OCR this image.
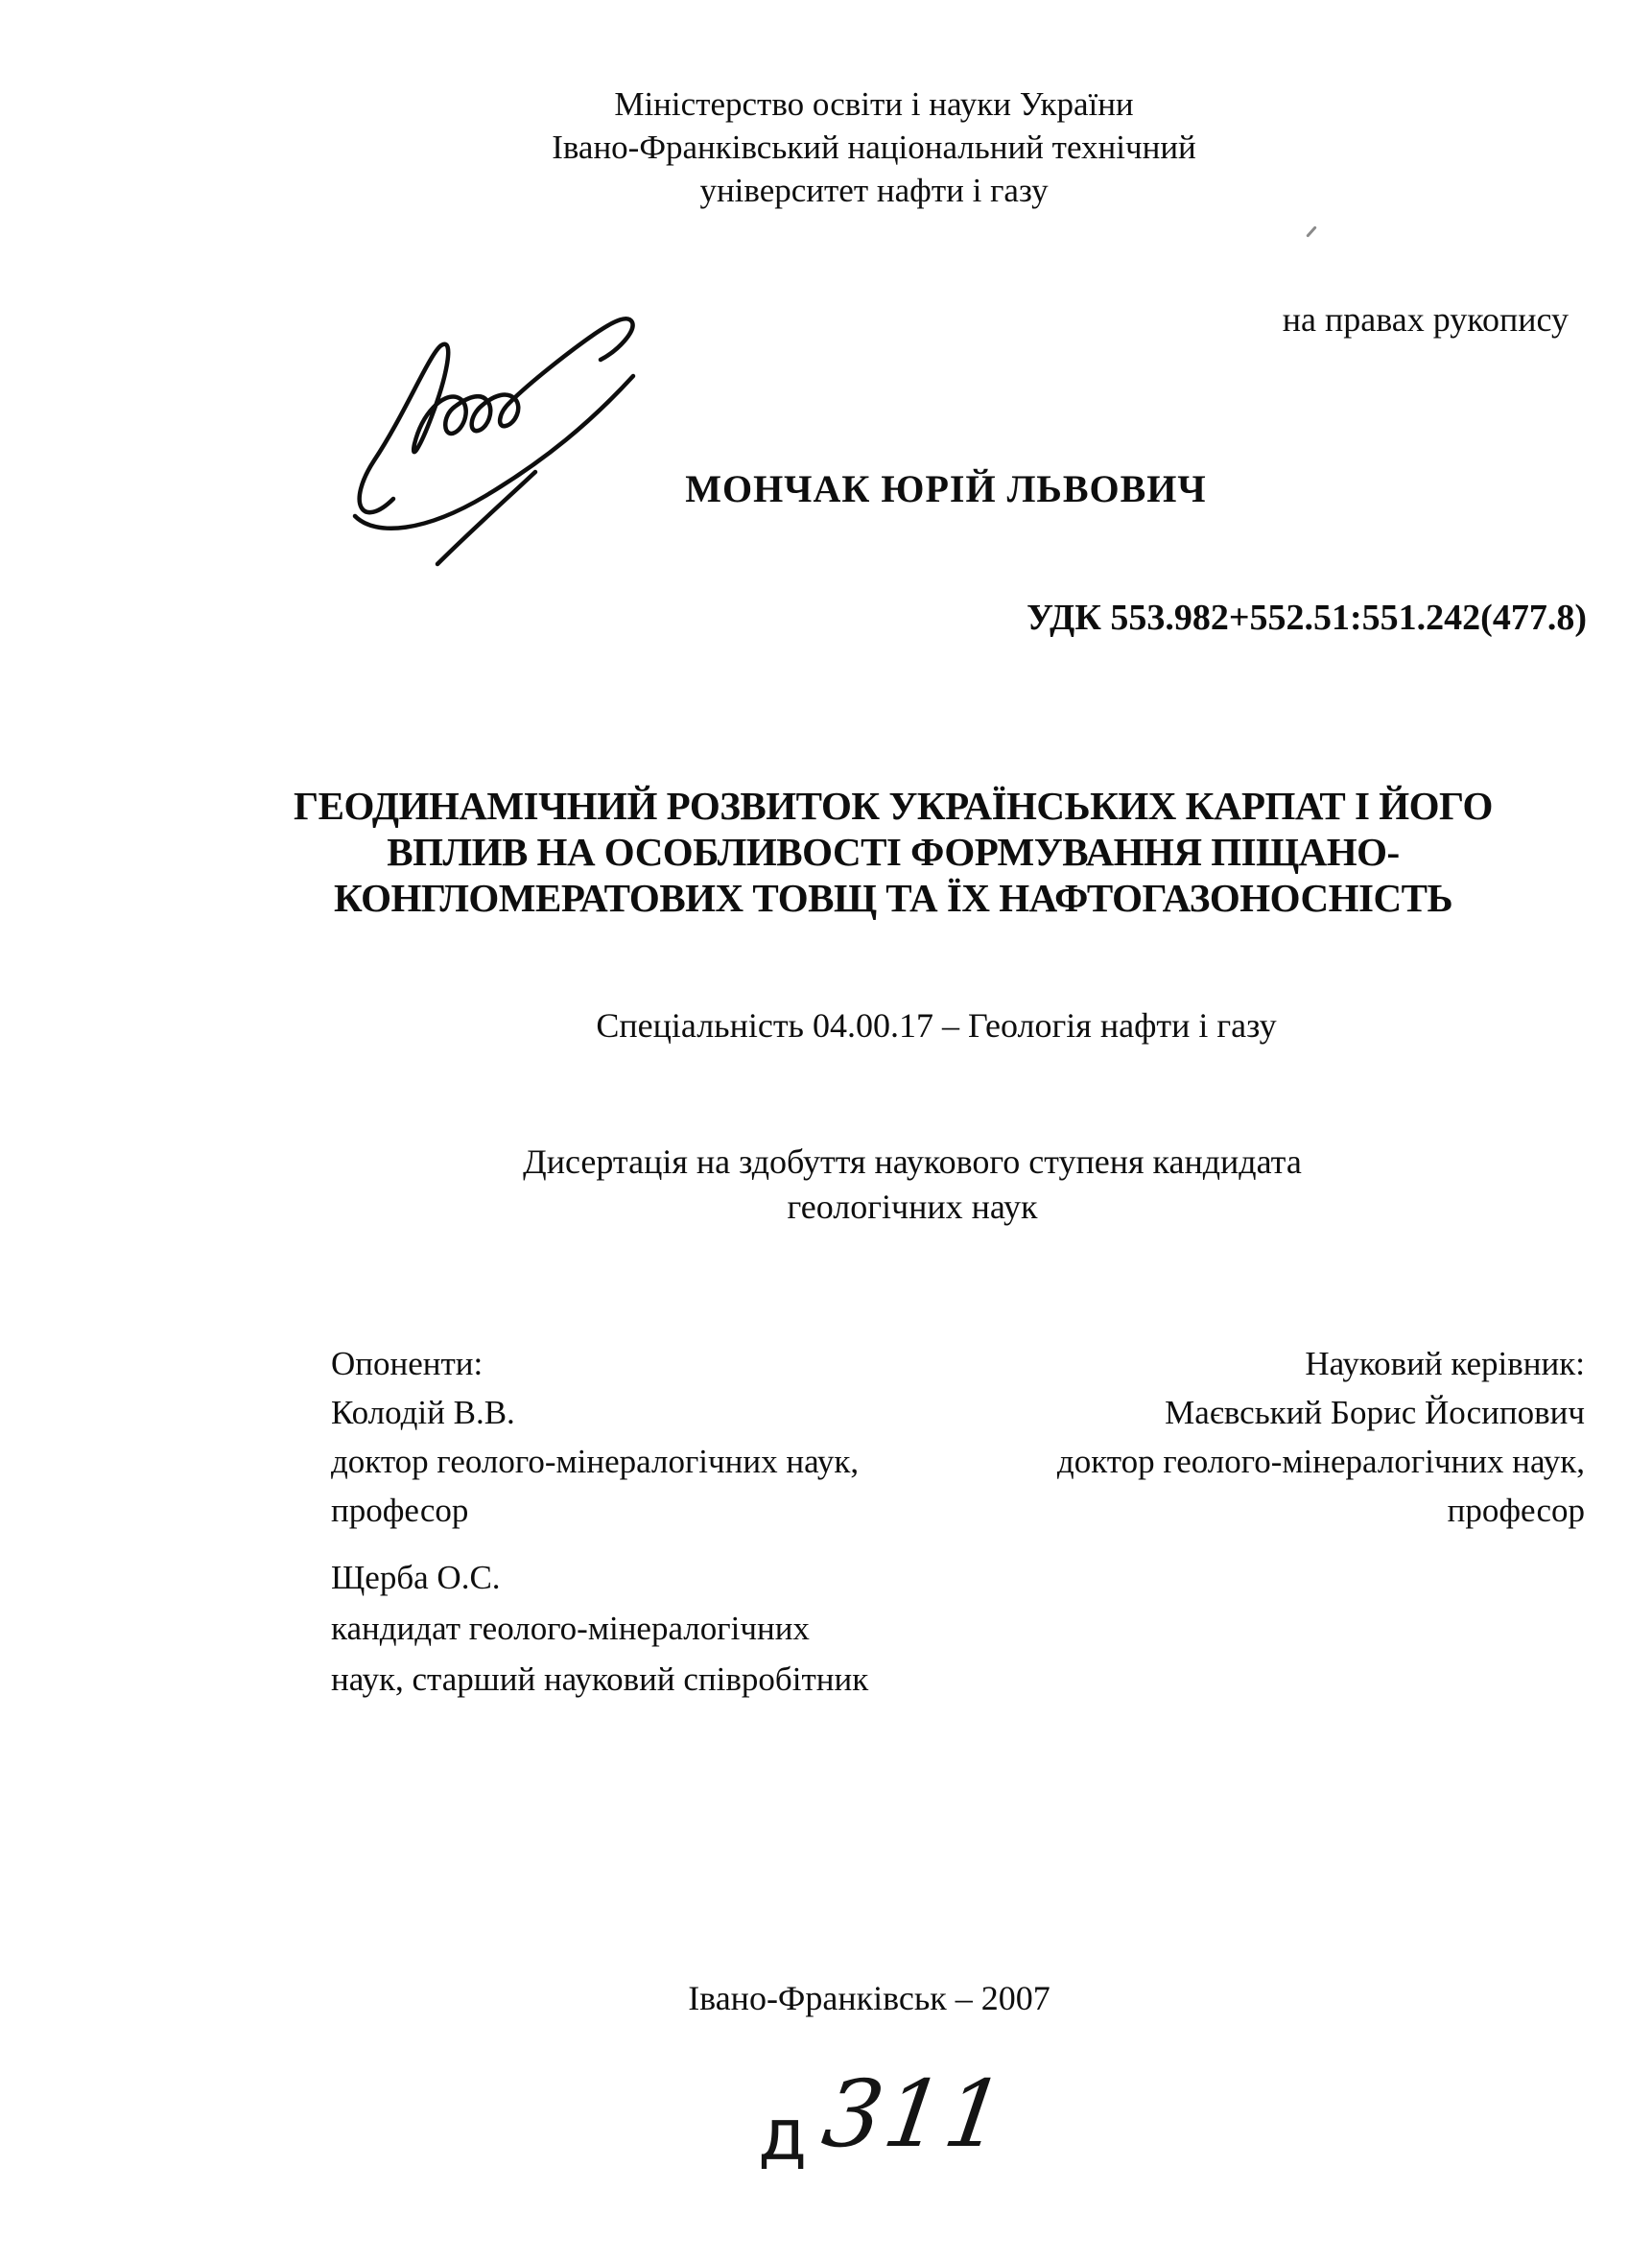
Міністерство освіти і науки України
Івано-Франківський національний технічний
університет нафти і газу
на правах рукопису
МОНЧАК ЮРІЙ ЛЬВОВИЧ
УДК 553.982+552.51:551.242(477.8)
ГЕОДИНАМІЧНИЙ РОЗВИТОК УКРАЇНСЬКИХ КАРПАТ І ЙОГО
ВПЛИВ НА ОСОБЛИВОСТІ ФОРМУВАННЯ ПІЩАНО-
КОНГЛОМЕРАТОВИХ ТОВЩ ТА ЇХ НАФТОГАЗОНОСНІСТЬ
Спеціальність 04.00.17 – Геологія нафти і газу
Дисертація на здобуття наукового ступеня кандидата
геологічних наук
Опоненти:
Колодій В.В.
доктор геолого-мінералогічних наук,
професор
Науковий керівник:
Маєвський Борис Йосипович
доктор геолого-мінералогічних наук,
професор
Щерба О.С.
кандидат геолого-мінералогічних
наук, старший науковий співробітник
Івано-Франківськ – 2007
д 311
